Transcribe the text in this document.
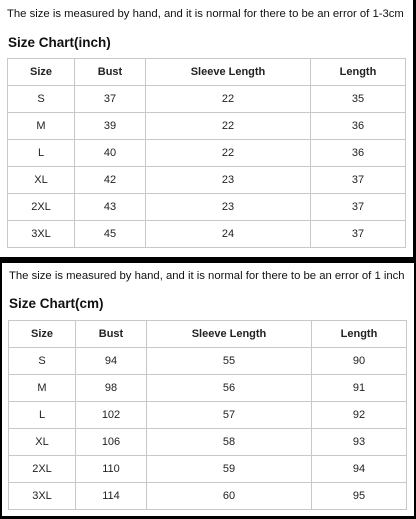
The size is measured by hand, and it is normal for there to be an error of 1-3cm
Size Chart(inch)
Size	Bust	Sleeve Length	Length
S	37	22	35
M	39	22	36
L	40	22	36
XL	42	23	37
2XL	43	23	37
3XL	45	24	37
The size is measured by hand, and it is normal for there to be an error of 1 inch
Size Chart(cm)
Size	Bust	Sleeve Length	Length
S	94	55	90
M	98	56	91
L	102	57	92
XL	106	58	93
2XL	110	59	94
3XL	114	60	95
